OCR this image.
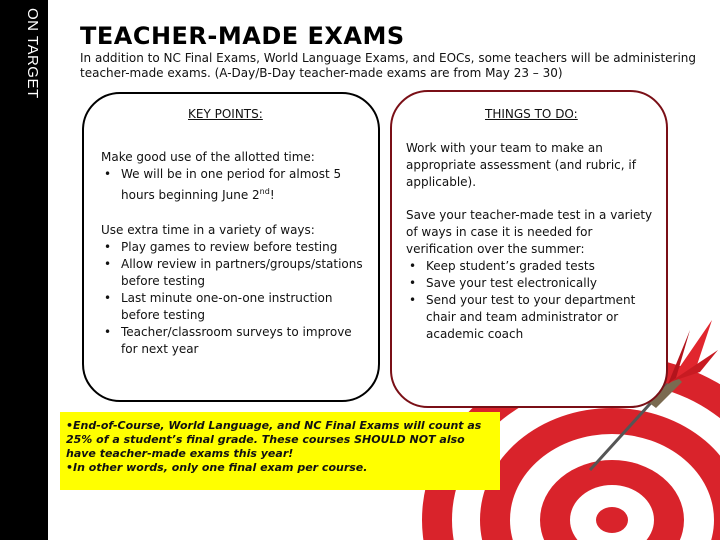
ON TARGET TEACHER-MADE EXAMS
In addition to NC Final Exams, World Language Exams, and EOCs, some teachers will be administering teacher-made exams. (A-Day/B-Day teacher-made exams are from May 23 – 30)
KEY POINTS:

Make good use of the allotted time:

• We will be in one period for almost 5 hours beginning June 2nd!

Use extra time in a variety of ways:

• Play games to review before testing
• Allow review in partners/groups/stations before testing
• Last minute one-on-one instruction before testing
• Teacher/classroom surveys to improve for next year
THINGS TO DO:
Work with your team to make an appropriate assessment (and rubric, if applicable).

Save your teacher-made test in a variety of ways in case it is needed for verification over the summer:

• Keep student’s graded tests
• Save your test electronically
• Send your test to your department chair and team administrator or academic coach

•End-of-Course, World Language, and NC Final Exams will count as 25% of a student’s final grade. These courses SHOULD NOT also have teacher-made exams this year!

•In other words, only one final exam per course.
